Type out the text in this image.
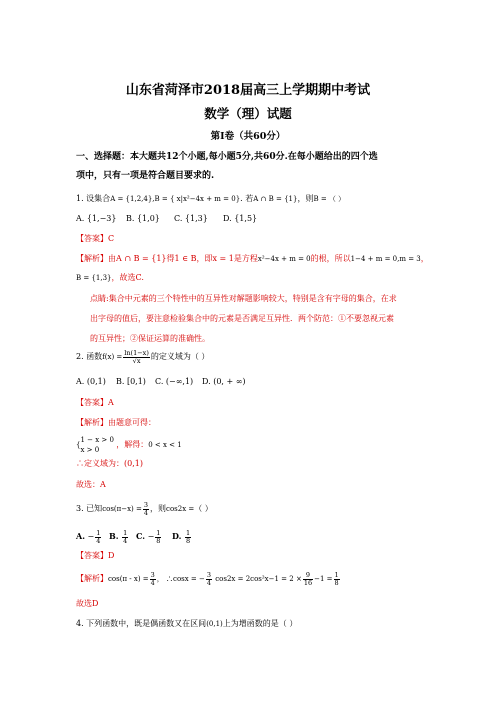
山东省菏泽市2018届高三上学期期中考试
数学（理）试题
第Ⅰ卷（共60分）
一、选择题：本大题共12个小题,每小题5分,共60分.在每小题给出的四个选
项中，只有一项是符合题目要求的.
1. 设集合A = {1,2,4},B = { x|x²−4x + m = 0}. 若A ∩ B = {1}，则B = （ ）
A. {1,−3} B. {1,0} C. {1,3} D. {1,5}
【答案】C
【解析】由A ∩ B = {1}得1 ∈ B，即x = 1是方程x²−4x + m = 0的根，所以1−4 + m = 0,m = 3，
B = {1,3}，故选C.
点睛:集合中元素的三个特性中的互异性对解题影响较大，特别是含有字母的集合，在求
出字母的值后，要注意检验集合中的元素是否满足互异性．两个防范：①不要忽视元素
的互异性；②保证运算的准确性。
2. 函数$f(x) = \frac{\ln(1-x)}{√x}$ 的定义域为（ ）
A. (0,1) B. [0,1) C. (−∞,1) D. (0, + ∞)
【答案】A
【解析】由题意可得：
{
1 − x > 0
x > 0
，解得：0 < x < 1
∴定义域为：(0,1)
故选：A
3. 已知$\cos(\pi-x) = \frac{3}{4}$ ，则cos2x =（ ）
A. − $\frac{1}{4} B$. $\frac{1}{4} C$. − $\frac{1}{8} D$. $\frac{1}{8}$
【答案】D
【解析】$\cos(\pi - x) = \frac{3}{4}$ ， ∴cosx = − $\frac{3}{4} \cos 2x = 2\cos^2x-1 = 2 \times \frac{9}{16} -1 = \frac{1}{8}$
故选D
4. 下列函数中，既是偶函数又在区间(0,1)上为增函数的是（ ）
